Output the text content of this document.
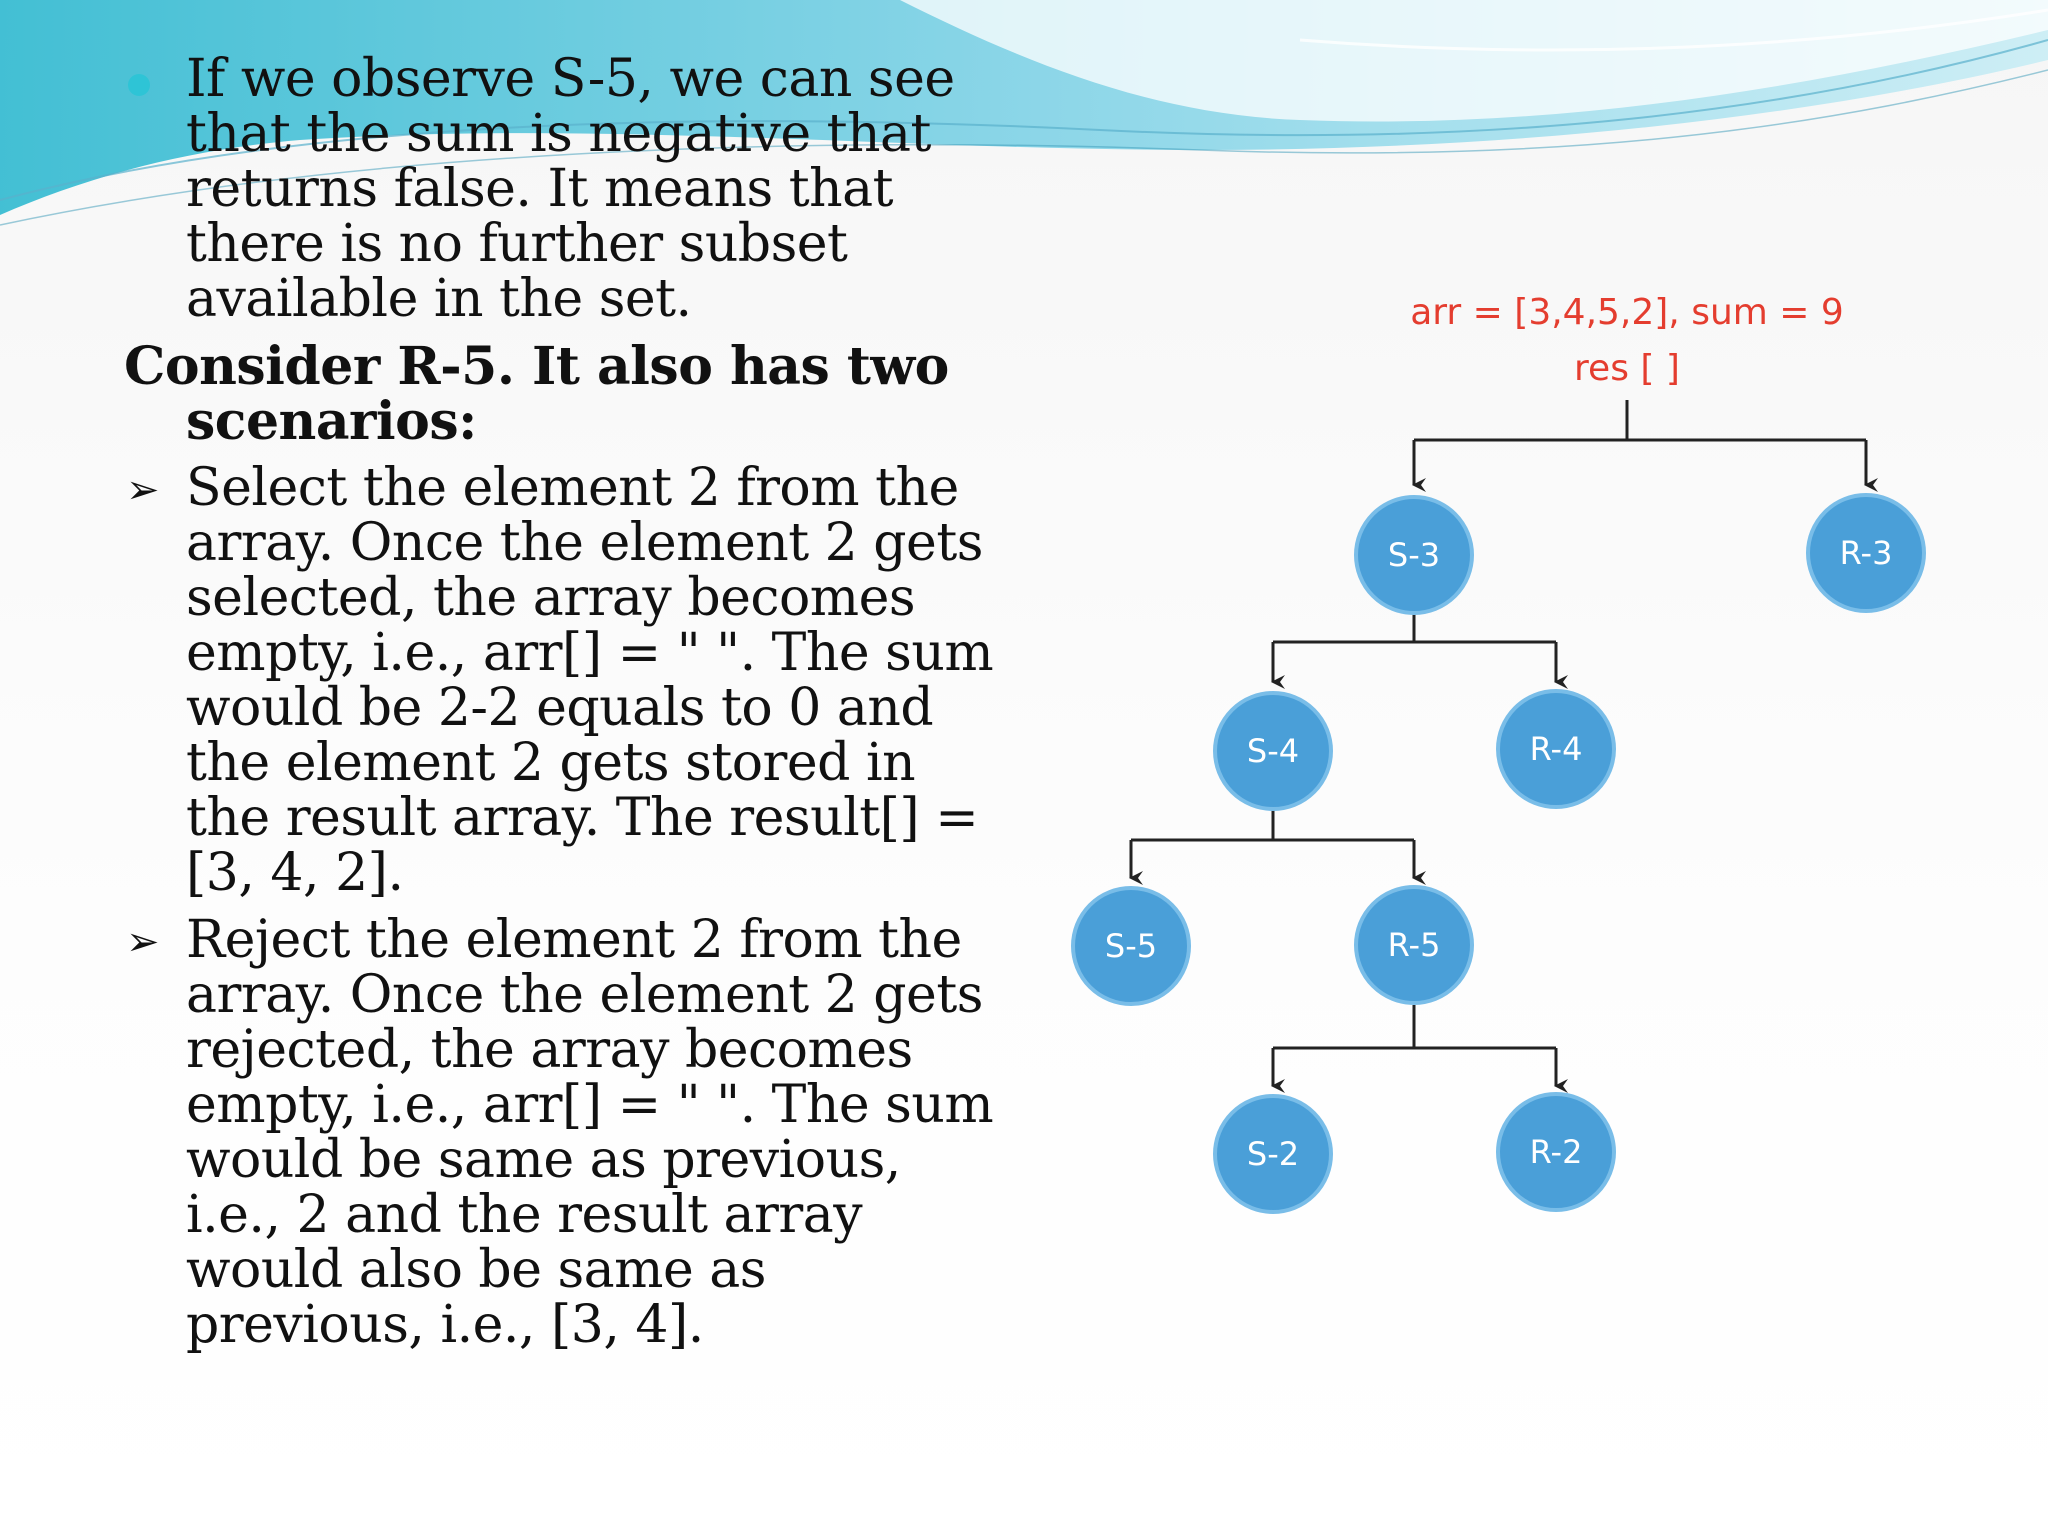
If we observe S-5, we can see that the sum is negative that returns false. It means that there is no further subset available in the set.

Consider R-5. It also has two scenarios:

➢ Select the element 2 from the array. Once the element 2 gets selected, the array becomes empty, i.e., arr[] = " ". The sum would be 2-2 equals to 0 and the element 2 gets stored in the result array. The result[] = [3, 4, 2].

➢ Reject the element 2 from the array. Once the element 2 gets rejected, the array becomes empty, i.e., arr[] = " ". The sum would be same as previous, i.e., 2 and the result array would also be same as previous, i.e., [3, 4].

arr = [3,4,5,2], sum = 9
res [ ]
S-3	R-3
S-4	R-4
S-5	R-5
S-2	R-2
